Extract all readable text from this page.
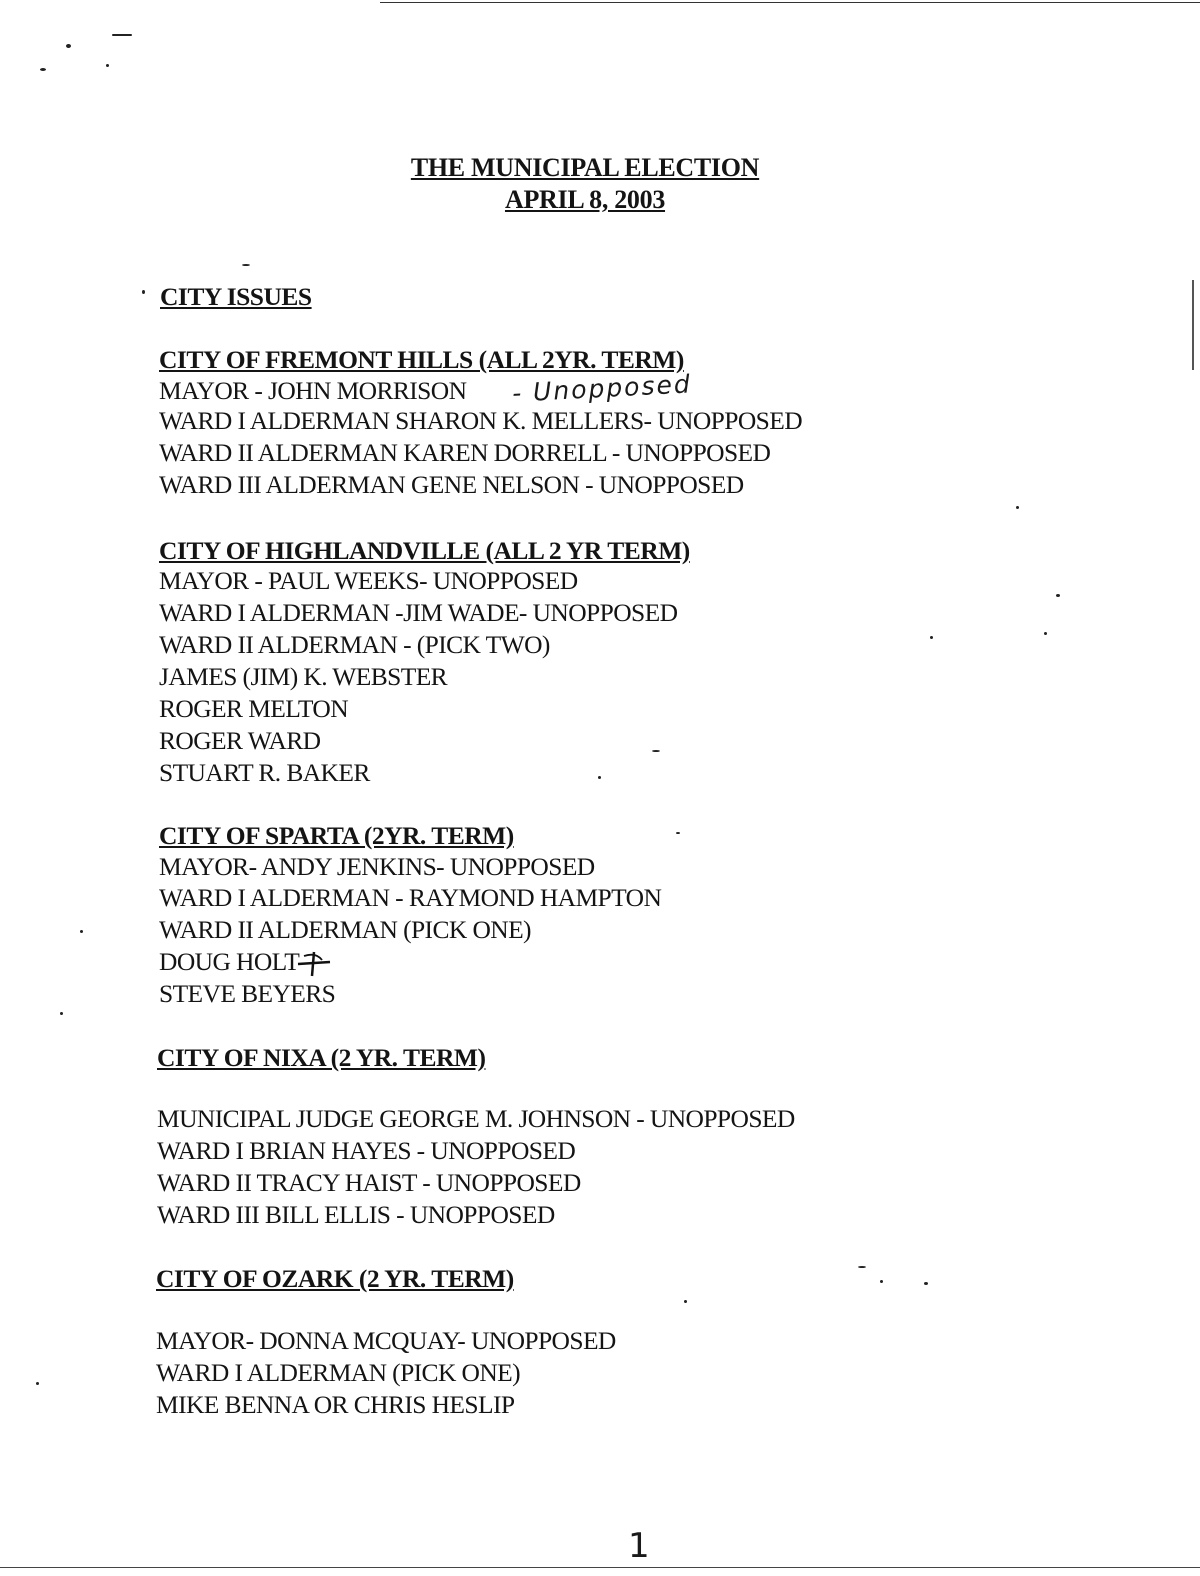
THE MUNICIPAL ELECTION
APRIL 8, 2003
CITY ISSUES
CITY OF FREMONT HILLS (ALL 2YR. TERM)
MAYOR - JOHN MORRISON - Unopposed
WARD I ALDERMAN SHARON K. MELLERS- UNOPPOSED
WARD II ALDERMAN KAREN DORRELL - UNOPPOSED
WARD III ALDERMAN GENE NELSON - UNOPPOSED
CITY OF HIGHLANDVILLE (ALL 2 YR TERM)
MAYOR - PAUL WEEKS- UNOPPOSED
WARD I ALDERMAN -JIM WADE- UNOPPOSED
WARD II ALDERMAN - (PICK TWO)
JAMES (JIM) K. WEBSTER
ROGER MELTON
ROGER WARD
STUART R. BAKER
CITY OF SPARTA (2YR. TERM)
MAYOR- ANDY JENKINS- UNOPPOSED
WARD I ALDERMAN - RAYMOND HAMPTON
WARD II ALDERMAN (PICK ONE)
DOUG HOLT
STEVE BEYERS
CITY OF NIXA (2 YR. TERM)
MUNICIPAL JUDGE GEORGE M. JOHNSON - UNOPPOSED
WARD I BRIAN HAYES - UNOPPOSED
WARD II TRACY HAIST - UNOPPOSED
WARD III BILL ELLIS - UNOPPOSED
CITY OF OZARK (2 YR. TERM)
MAYOR- DONNA MCQUAY- UNOPPOSED
WARD I ALDERMAN (PICK ONE)
MIKE BENNA OR CHRIS HESLIP
1
